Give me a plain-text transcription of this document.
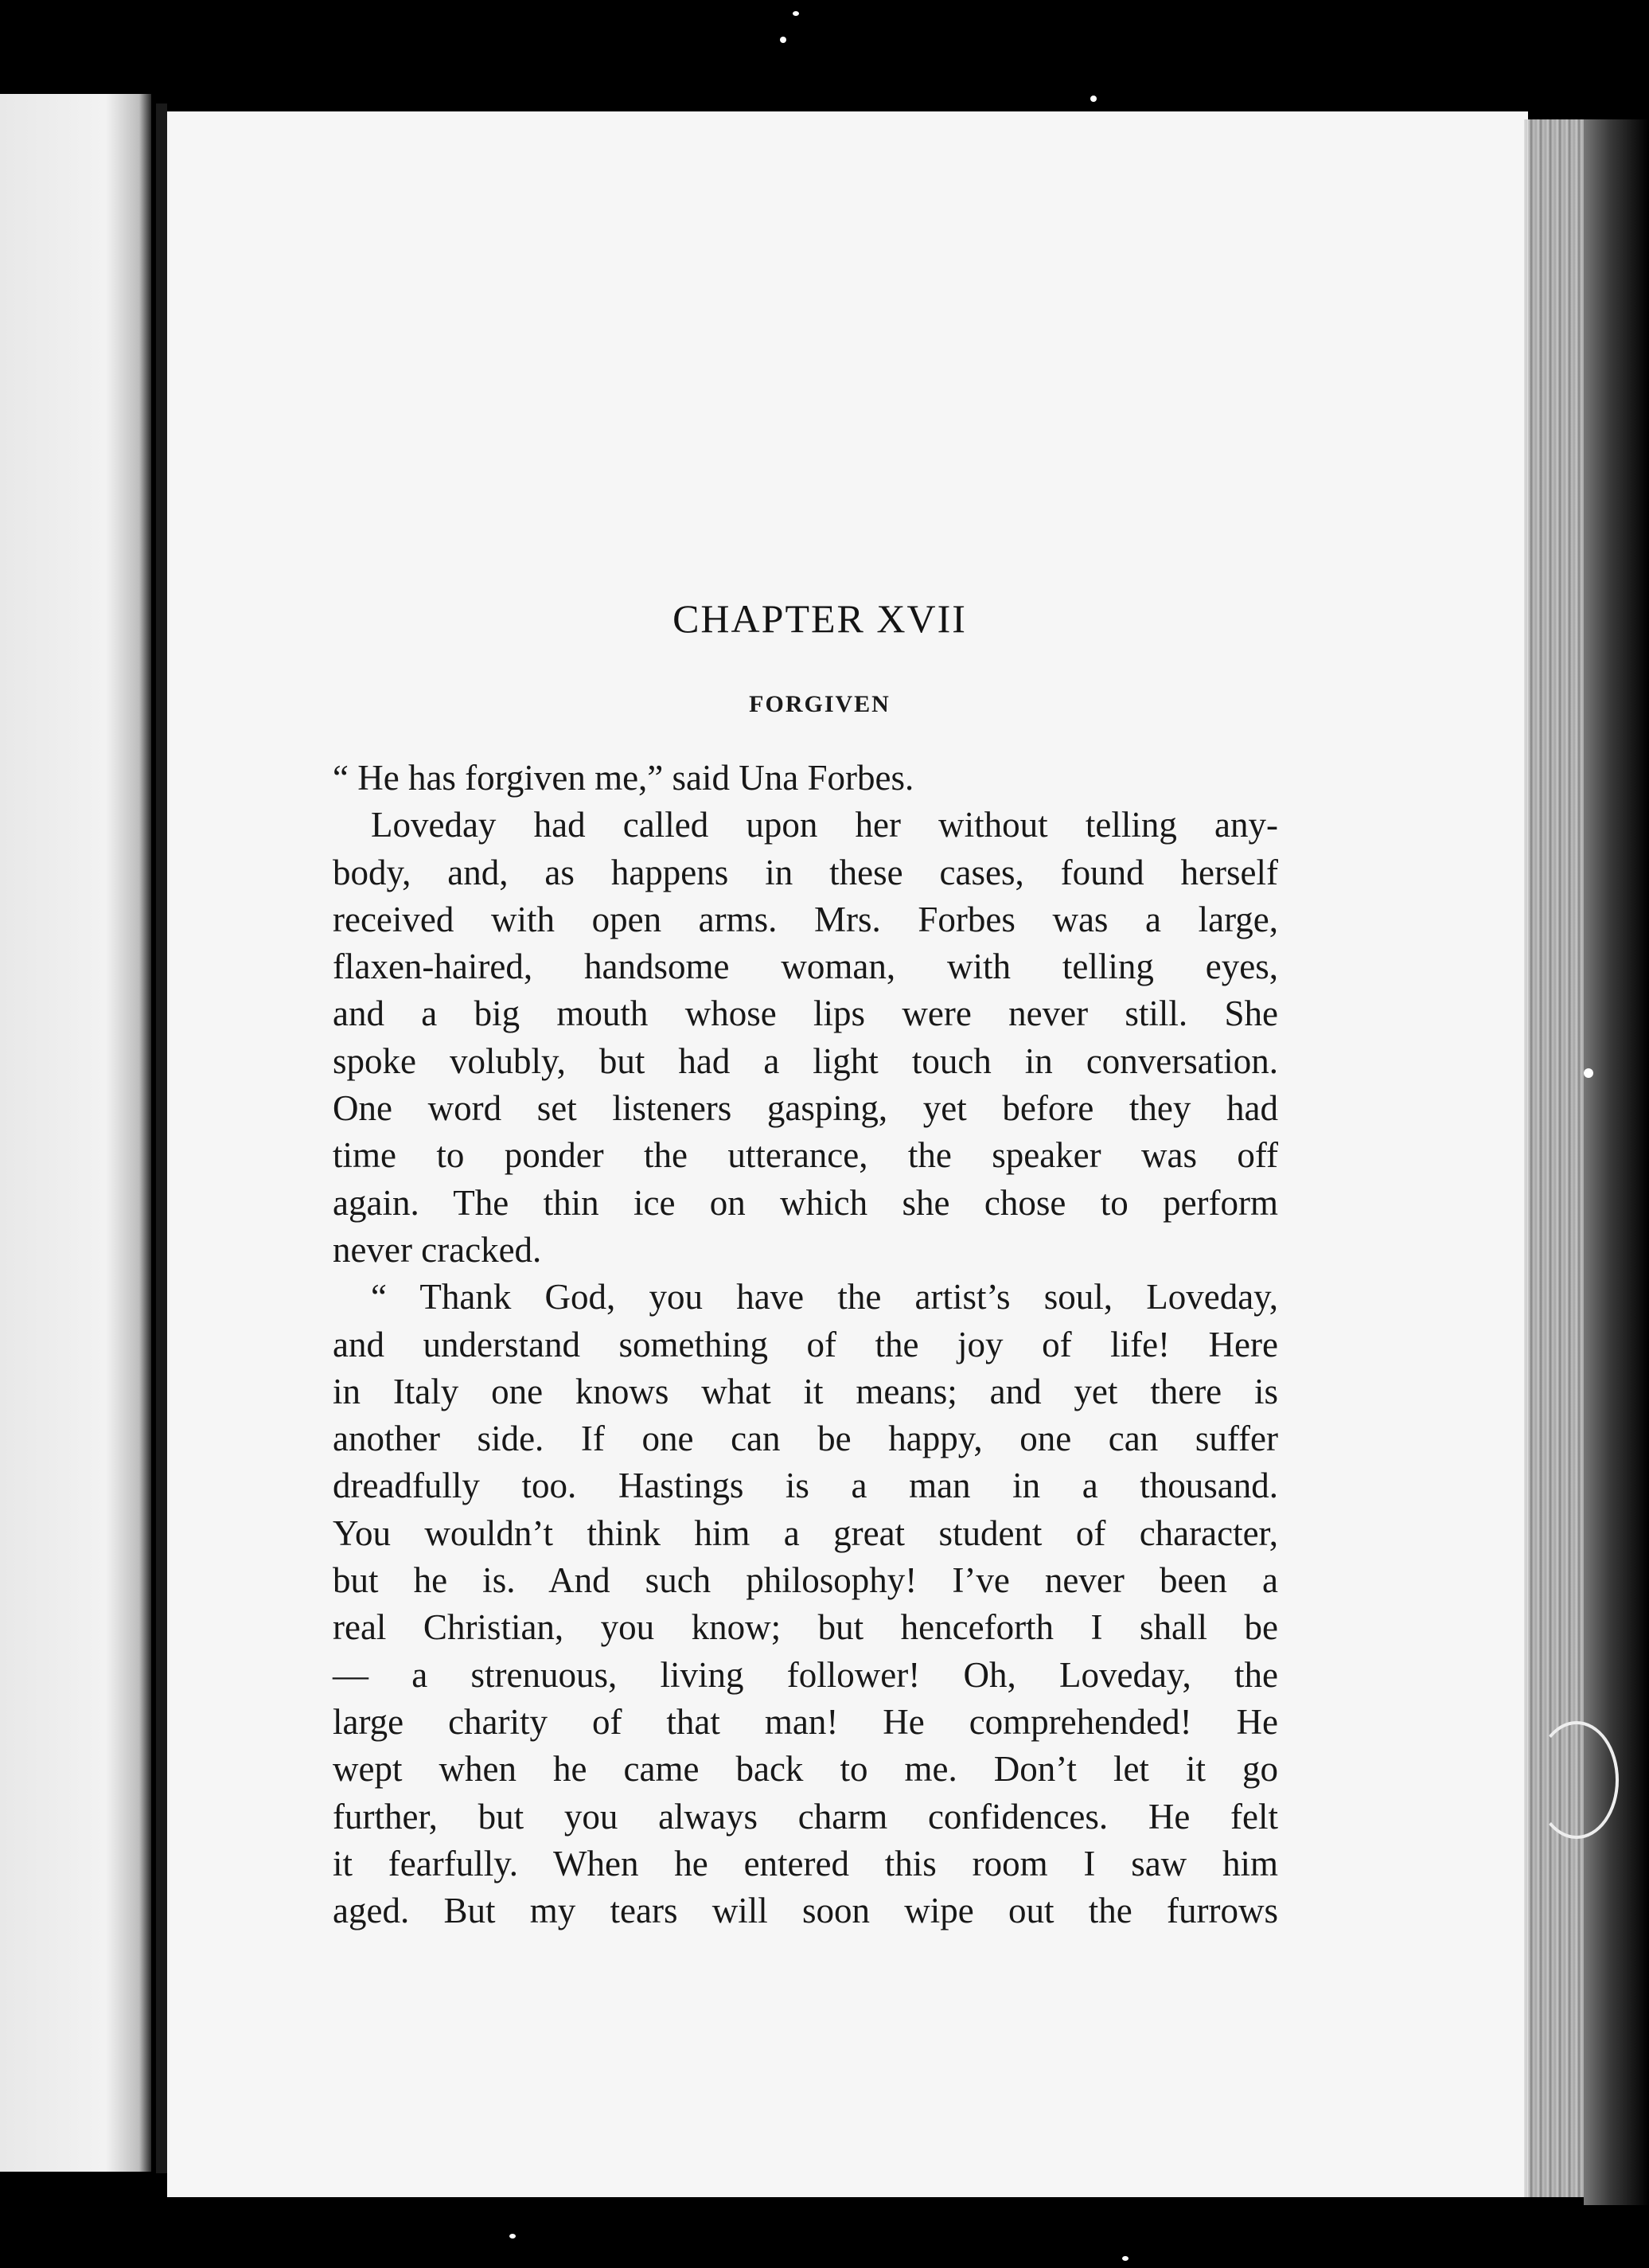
CHAPTER XVII
FORGIVEN
“ He has forgiven me,” said Una Forbes.
Loveday had called upon her without telling any-
body, and, as happens in these cases, found herself
received with open arms. Mrs. Forbes was a large,
flaxen-haired, handsome woman, with telling eyes,
and a big mouth whose lips were never still. She
spoke volubly, but had a light touch in conversation.
One word set listeners gasping, yet before they had
time to ponder the utterance, the speaker was off
again. The thin ice on which she chose to perform
never cracked.
“ Thank God, you have the artist’s soul, Loveday,
and understand something of the joy of life! Here
in Italy one knows what it means; and yet there is
another side. If one can be happy, one can suffer
dreadfully too. Hastings is a man in a thousand.
You wouldn’t think him a great student of character,
but he is. And such philosophy! I’ve never been a
real Christian, you know; but henceforth I shall be
— a strenuous, living follower! Oh, Loveday, the
large charity of that man! He comprehended! He
wept when he came back to me. Don’t let it go
further, but you always charm confidences. He felt
it fearfully. When he entered this room I saw him
aged. But my tears will soon wipe out the furrows
